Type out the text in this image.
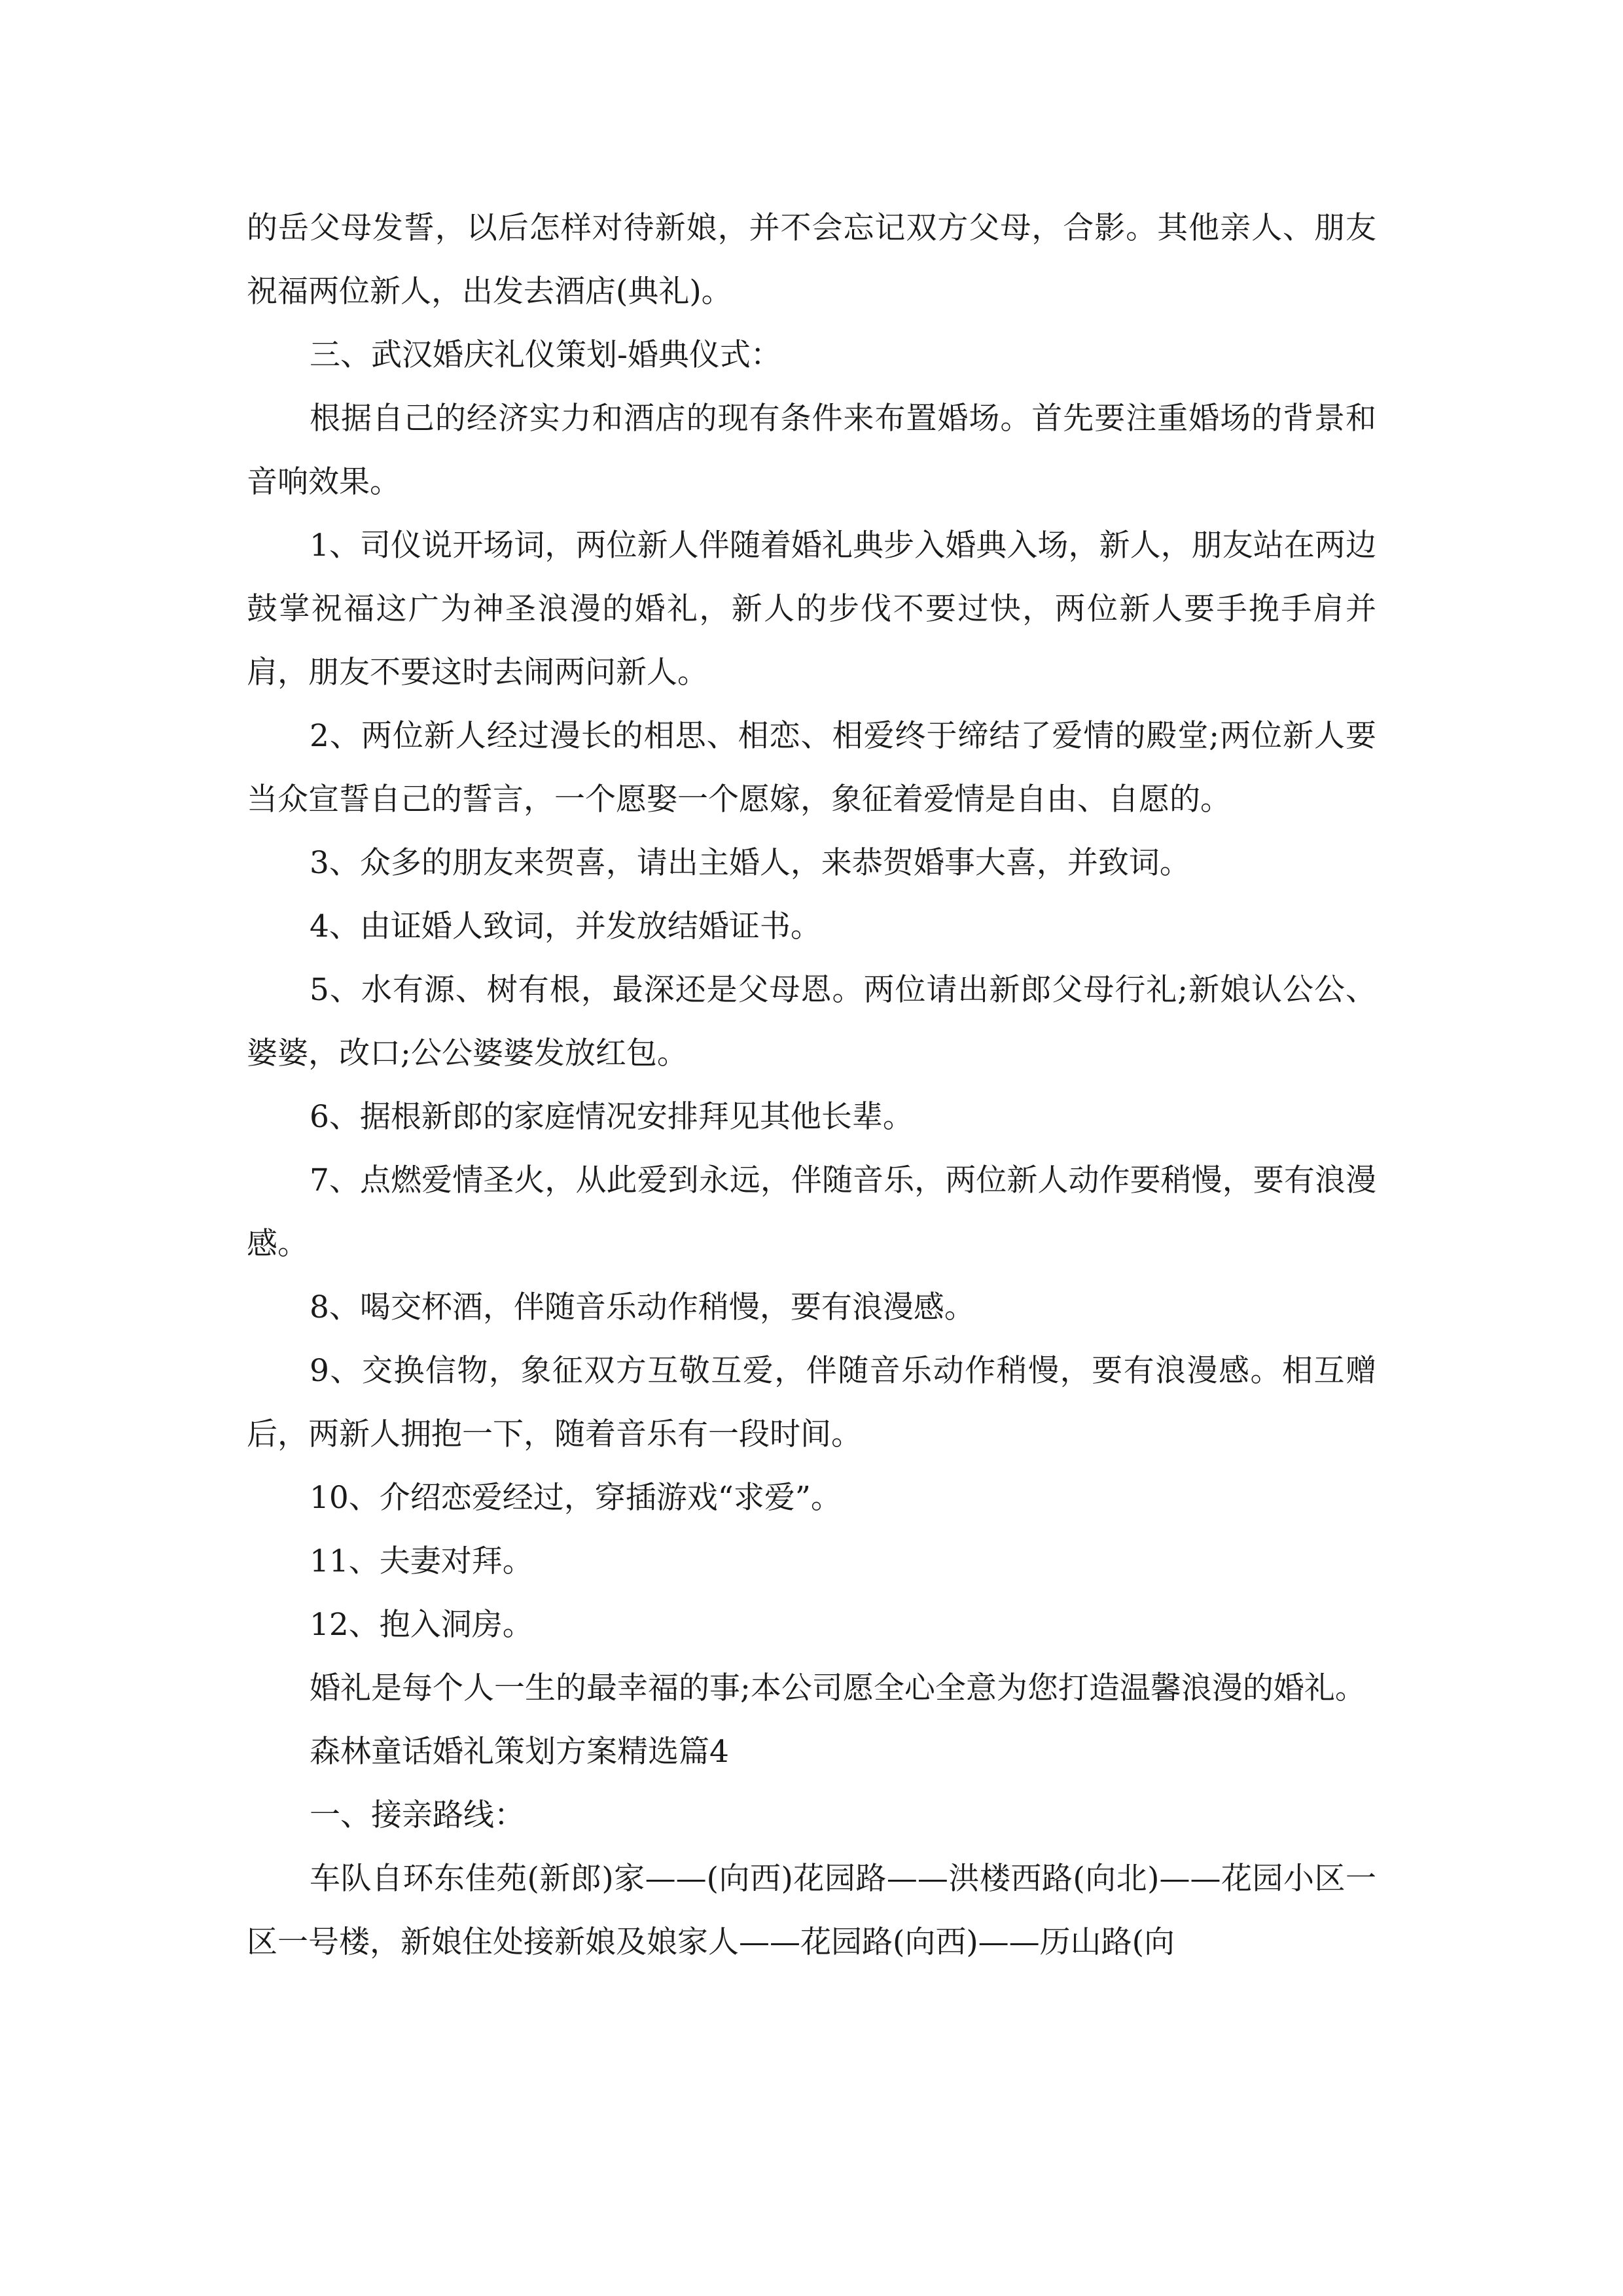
的岳父母发誓，以后怎样对待新娘，并不会忘记双方父母，合影。其他亲人、朋友祝福两位新人，出发去酒店(典礼)。

三、武汉婚庆礼仪策划-婚典仪式：

根据自己的经济实力和酒店的现有条件来布置婚场。首先要注重婚场的背景和音响效果。

1、司仪说开场词，两位新人伴随着婚礼典步入婚典入场，新人，朋友站在两边鼓掌祝福这广为神圣浪漫的婚礼，新人的步伐不要过快，两位新人要手挽手肩并肩，朋友不要这时去闹两问新人。

2、两位新人经过漫长的相思、相恋、相爱终于缔结了爱情的殿堂;两位新人要当众宣誓自己的誓言，一个愿娶一个愿嫁，象征着爱情是自由、自愿的。

3、众多的朋友来贺喜，请出主婚人，来恭贺婚事大喜，并致词。

4、由证婚人致词，并发放结婚证书。

5、水有源、树有根，最深还是父母恩。两位请出新郎父母行礼;新娘认公公、婆婆，改口;公公婆婆发放红包。

6、据根新郎的家庭情况安排拜见其他长辈。

7、点燃爱情圣火，从此爱到永远，伴随音乐，两位新人动作要稍慢，要有浪漫感。

8、喝交杯酒，伴随音乐动作稍慢，要有浪漫感。

9、交换信物，象征双方互敬互爱，伴随音乐动作稍慢，要有浪漫感。相互赠后，两新人拥抱一下，随着音乐有一段时间。

10、介绍恋爱经过，穿插游戏“求爱”。

11、夫妻对拜。

12、抱入洞房。

婚礼是每个人一生的最幸福的事;本公司愿全心全意为您打造温馨浪漫的婚礼。

森林童话婚礼策划方案精选篇4

一、接亲路线：

车队自环东佳苑(新郎)家——(向西)花园路——洪楼西路(向北)——花园小区一区一号楼，新娘住处接新娘及娘家人——花园路(向西)——历山路(向
